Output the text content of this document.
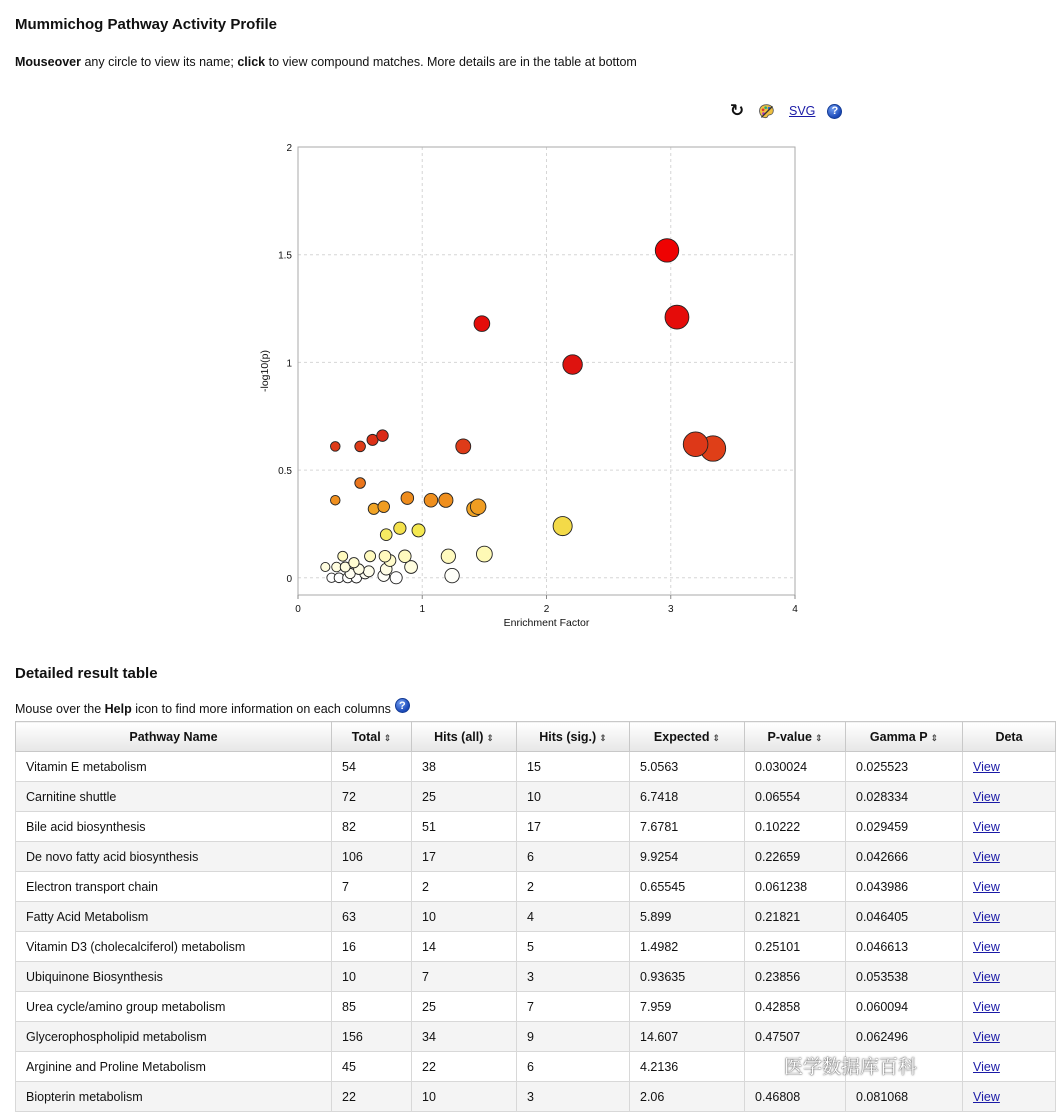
Mummichog Pathway Activity Profile
Mouseover any circle to view its name; click to view compound matches. More details are in the table at bottom
↻	SVG	?
0	1	2	3	4
0
0.5
1
1.5
2
Enrichment Factor
-log10(p)
Detailed result table
Mouse over the Help icon to find more information on each columns ?
Pathway Name	Total ⇕	Hits (all) ⇕	Hits (sig.) ⇕	Expected ⇕	P-value ⇕	Gamma P ⇕	Deta
Vitamin E metabolism	54	38	15	5.0563	0.030024	0.025523	View
Carnitine shuttle	72	25	10	6.7418	0.06554	0.028334	View
Bile acid biosynthesis	82	51	17	7.6781	0.10222	0.029459	View
De novo fatty acid biosynthesis	106	17	6	9.9254	0.22659	0.042666	View
Electron transport chain	7	2	2	0.65545	0.061238	0.043986	View
Fatty Acid Metabolism	63	10	4	5.899	0.21821	0.046405	View
Vitamin D3 (cholecalciferol) metabolism	16	14	5	1.4982	0.25101	0.046613	View
Ubiquinone Biosynthesis	10	7	3	0.93635	0.23856	0.053538	View
Urea cycle/amino group metabolism	85	25	7	7.959	0.42858	0.060094	View
Glycerophospholipid metabolism	156	34	9	14.607	0.47507	0.062496	View
Arginine and Proline Metabolism	45	22	6	4.2136			View
Biopterin metabolism	22	10	3	2.06	0.46808	0.081068	View
医学数据库百科
